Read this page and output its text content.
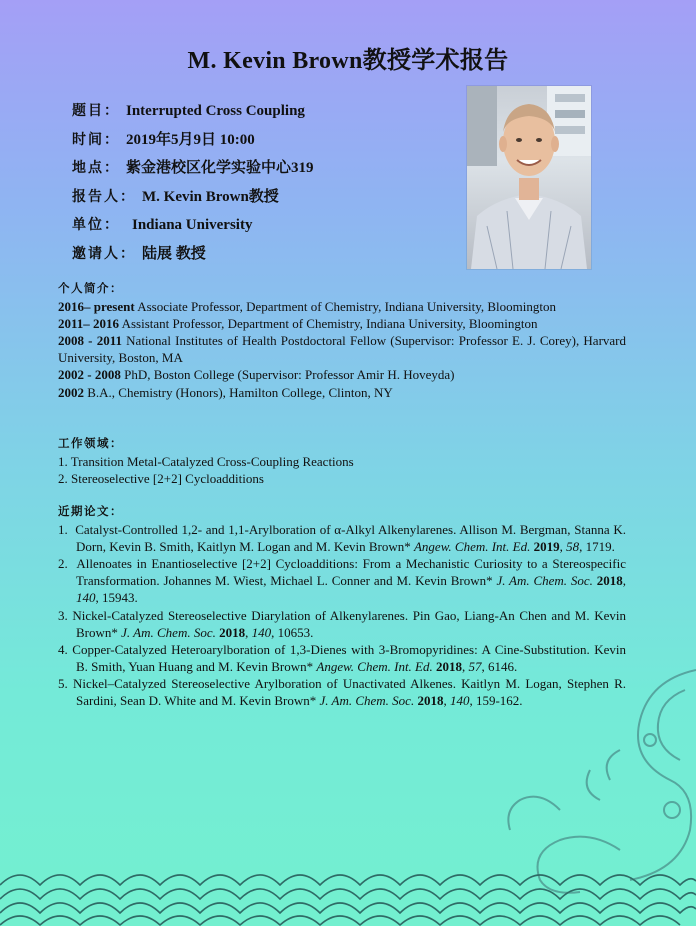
M. Kevin Brown教授学术报告
题目： Interrupted Cross Coupling
时间： 2019年5月9日 10:00
地点： 紫金港校区化学实验中心319
报告人： M. Kevin Brown教授
单位： Indiana University
邀请人： 陆展 教授
个人简介：

2016– present Associate Professor, Department of Chemistry, Indiana University, Bloomington

2011– 2016 Assistant Professor, Department of Chemistry, Indiana University, Bloomington

2008 - 2011 National Institutes of Health Postdoctoral Fellow (Supervisor: Professor E. J. Corey), Harvard University, Boston, MA

2002 - 2008 PhD, Boston College (Supervisor: Professor Amir H. Hoveyda)

2002 B.A., Chemistry (Honors), Hamilton College, Clinton, NY

工作领域：

1. Transition Metal-Catalyzed Cross-Coupling Reactions

2. Stereoselective [2+2] Cycloadditions

近期论文：

1. Catalyst-Controlled 1,2- and 1,1-Arylboration of α-Alkyl Alkenylarenes. Allison M. Bergman, Stanna K. Dorn, Kevin B. Smith, Kaitlyn M. Logan and M. Kevin Brown* Angew. Chem. Int. Ed. 2019, 58, 1719.

2. Allenoates in Enantioselective [2+2] Cycloadditions: From a Mechanistic Curiosity to a Stereospecific Transformation. Johannes M. Wiest, Michael L. Conner and M. Kevin Brown* J. Am. Chem. Soc. 2018, 140, 15943.

3. Nickel-Catalyzed Stereoselective Diarylation of Alkenylarenes. Pin Gao, Liang-An Chen and M. Kevin Brown* J. Am. Chem. Soc. 2018, 140, 10653.

4. Copper-Catalyzed Heteroarylboration of 1,3-Dienes with 3-Bromopyridines: A Cine-Substitution. Kevin B. Smith, Yuan Huang and M. Kevin Brown* Angew. Chem. Int. Ed. 2018, 57, 6146.

5. Nickel–Catalyzed Stereoselective Arylboration of Unactivated Alkenes. Kaitlyn M. Logan, Stephen R. Sardini, Sean D. White and M. Kevin Brown* J. Am. Chem. Soc. 2018, 140, 159-162.
